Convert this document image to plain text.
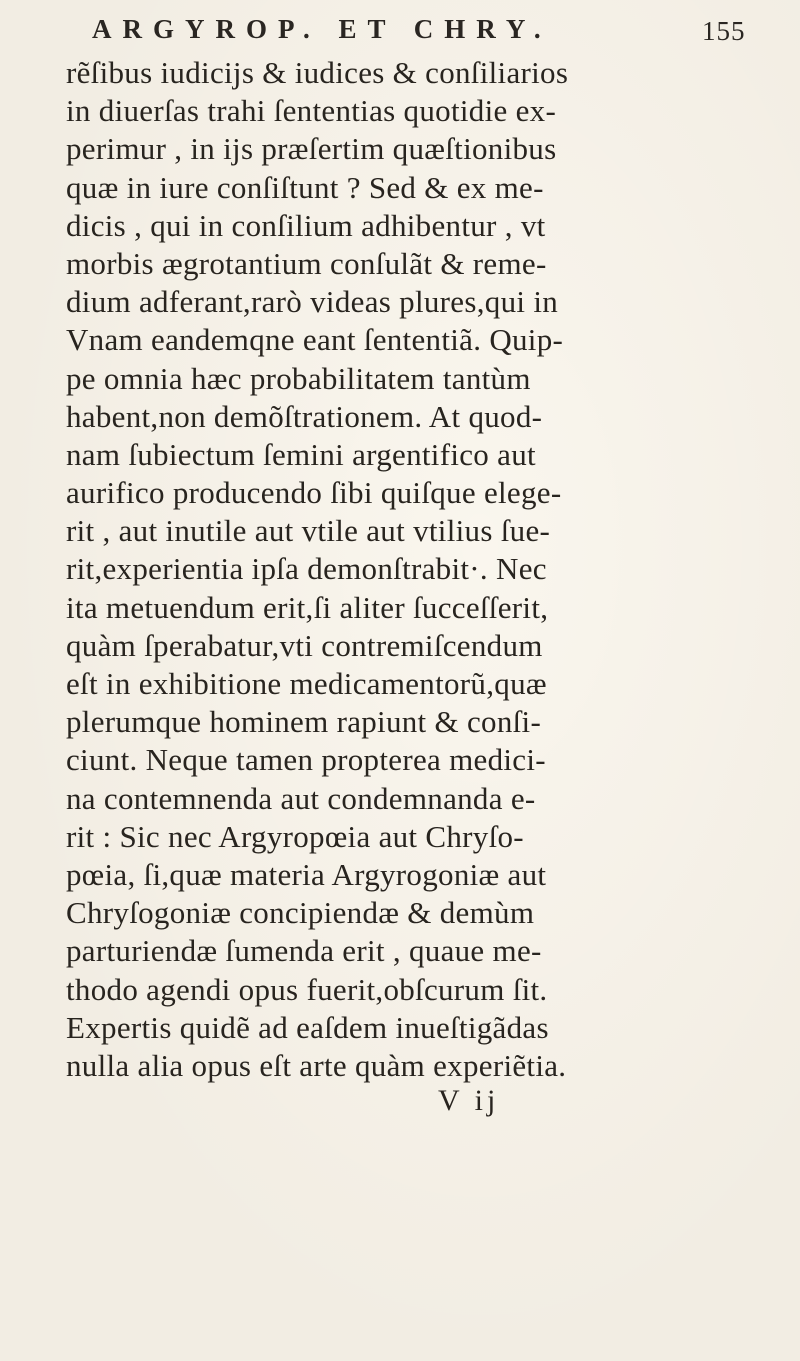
ARGYROP. ET CHRY.	155
rẽſibus iudicijs & iudices & conſiliarios
in diuerſas trahi ſententias quotidie ex-
perimur , in ijs præſertim quæſtionibus
quæ in iure conſiſtunt ? Sed & ex me-
dicis , qui in conſilium adhibentur , vt
morbis ægrotantium conſulãt & reme-
dium adferant,rarò videas plures,qui in
Vnam eandemqne eant ſententiã. Quip-
pe omnia hæc probabilitatem tantùm
habent,non demõſtrationem. At quod-
nam ſubiectum ſemini argentifico aut
aurifico producendo ſibi quiſque elege-
rit , aut inutile aut vtile aut vtilius ſue-
rit,experientia ipſa demonſtrabit·. Nec
ita metuendum erit,ſi aliter ſucceſſerit,
quàm ſperabatur,vti contremiſcendum
eſt in exhibitione medicamentorũ,quæ
plerumque hominem rapiunt & conſi-
ciunt. Neque tamen propterea medici-
na contemnenda aut condemnanda e-
rit : Sic nec Argyropœia aut Chryſo-
pœia, ſi,quæ materia Argyrogoniæ aut
Chryſogoniæ concipiendæ & demùm
parturiendæ ſumenda erit , quaue me-
thodo agendi opus fuerit,obſcurum ſit.
Expertis quidẽ ad eaſdem inueſtigãdas
nulla alia opus eſt arte quàm experiẽtia.
V ij
